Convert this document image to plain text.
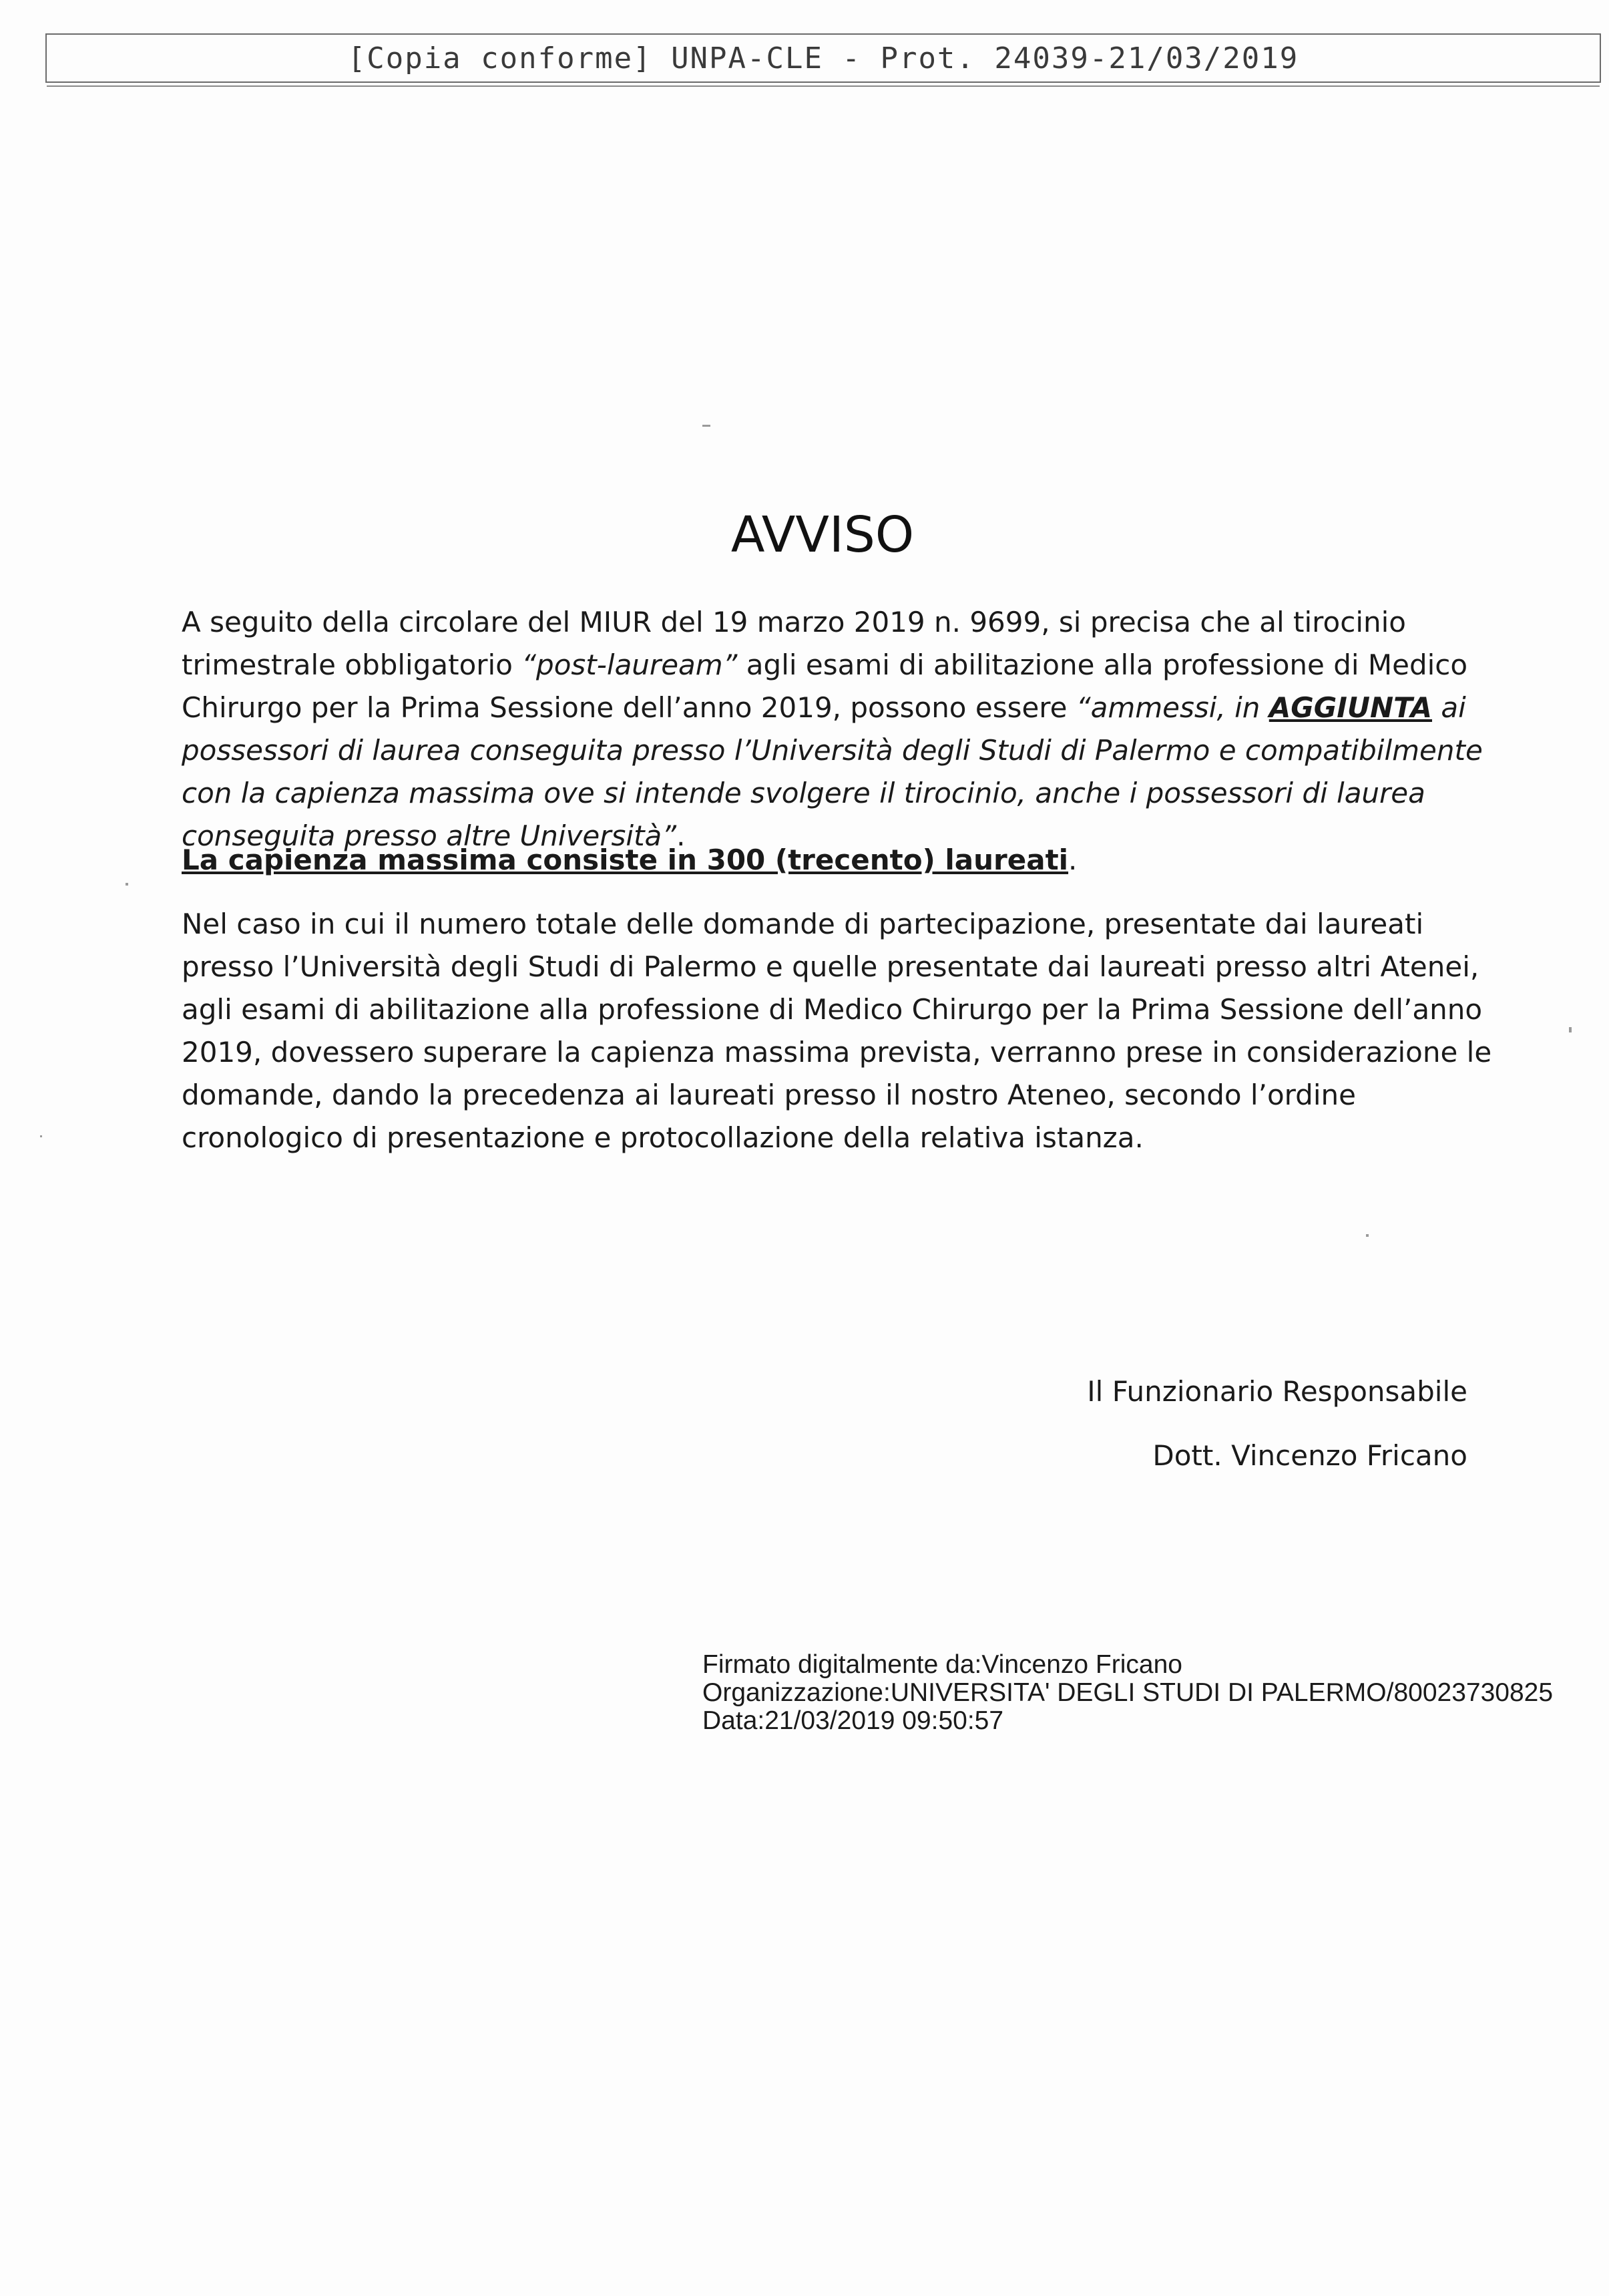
[Copia conforme] UNPA-CLE - Prot. 24039-21/03/2019
AVVISO
A seguito della circolare del MIUR del 19 marzo 2019 n. 9699, si precisa che al tirocinio trimestrale obbligatorio “post-lauream” agli esami di abilitazione alla professione di Medico Chirurgo per la Prima Sessione dell’anno 2019, possono essere “ammessi, in AGGIUNTA ai possessori di laurea conseguita presso l’Università degli Studi di Palermo e compatibilmente con la capienza massima ove si intende svolgere il tirocinio, anche i possessori di laurea conseguita presso altre Università”.
La capienza massima consiste in 300 (trecento) laureati.
Nel caso in cui il numero totale delle domande di partecipazione, presentate dai laureati presso l’Università degli Studi di Palermo e quelle presentate dai laureati presso altri Atenei, agli esami di abilitazione alla professione di Medico Chirurgo per la Prima Sessione dell’anno 2019, dovessero superare la capienza massima prevista, verranno prese in considerazione le domande, dando la precedenza ai laureati presso il nostro Ateneo, secondo l’ordine cronologico di presentazione e protocollazione della relativa istanza.
Il Funzionario Responsabile
Dott. Vincenzo Fricano
Firmato digitalmente da:Vincenzo Fricano
Organizzazione:UNIVERSITA' DEGLI STUDI DI PALERMO/80023730825
Data:21/03/2019 09:50:57
